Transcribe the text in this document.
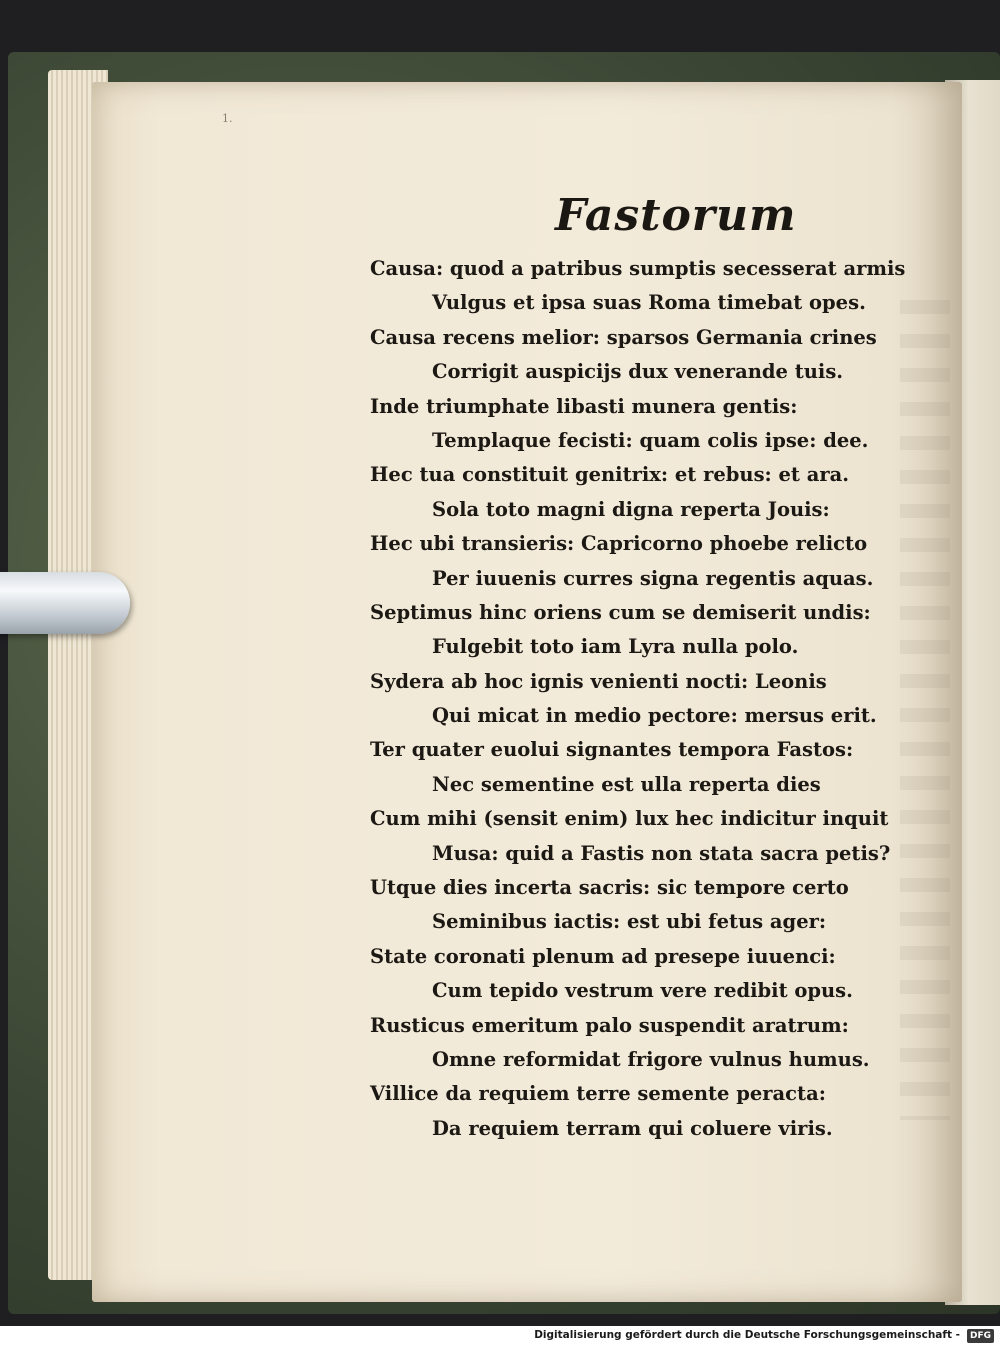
1.
Fastorum
Causa: quod a patribus sumptis secesserat armis
Vulgus et ipsa suas Roma timebat opes.
Causa recens melior: sparsos Germania crines
Corrigit auspicijs dux venerande tuis.
Inde triumphate libasti munera gentis:
Templaque fecisti: quam colis ipse: dee.
Hec tua constituit genitrix: et rebus: et ara.
Sola toto magni digna reperta Jouis:
Hec ubi transieris: Capricorno phoebe relicto
Per iuuenis curres signa regentis aquas.
Septimus hinc oriens cum se demiserit undis:
Fulgebit toto iam Lyra nulla polo.
Sydera ab hoc ignis venienti nocti: Leonis
Qui micat in medio pectore: mersus erit.
Ter quater euolui signantes tempora Fastos:
Nec sementine est ulla reperta dies
Cum mihi (sensit enim) lux hec indicitur inquit
Musa: quid a Fastis non stata sacra petis?
Utque dies incerta sacris: sic tempore certo
Seminibus iactis: est ubi fetus ager:
State coronati plenum ad presepe iuuenci:
Cum tepido vestrum vere redibit opus.
Rusticus emeritum palo suspendit aratrum:
Omne reformidat frigore vulnus humus.
Villice da requiem terre semente peracta:
Da requiem terram qui coluere viris.
Digitalisierung gefördert durch die Deutsche Forschungsgemeinschaft -	DFG
